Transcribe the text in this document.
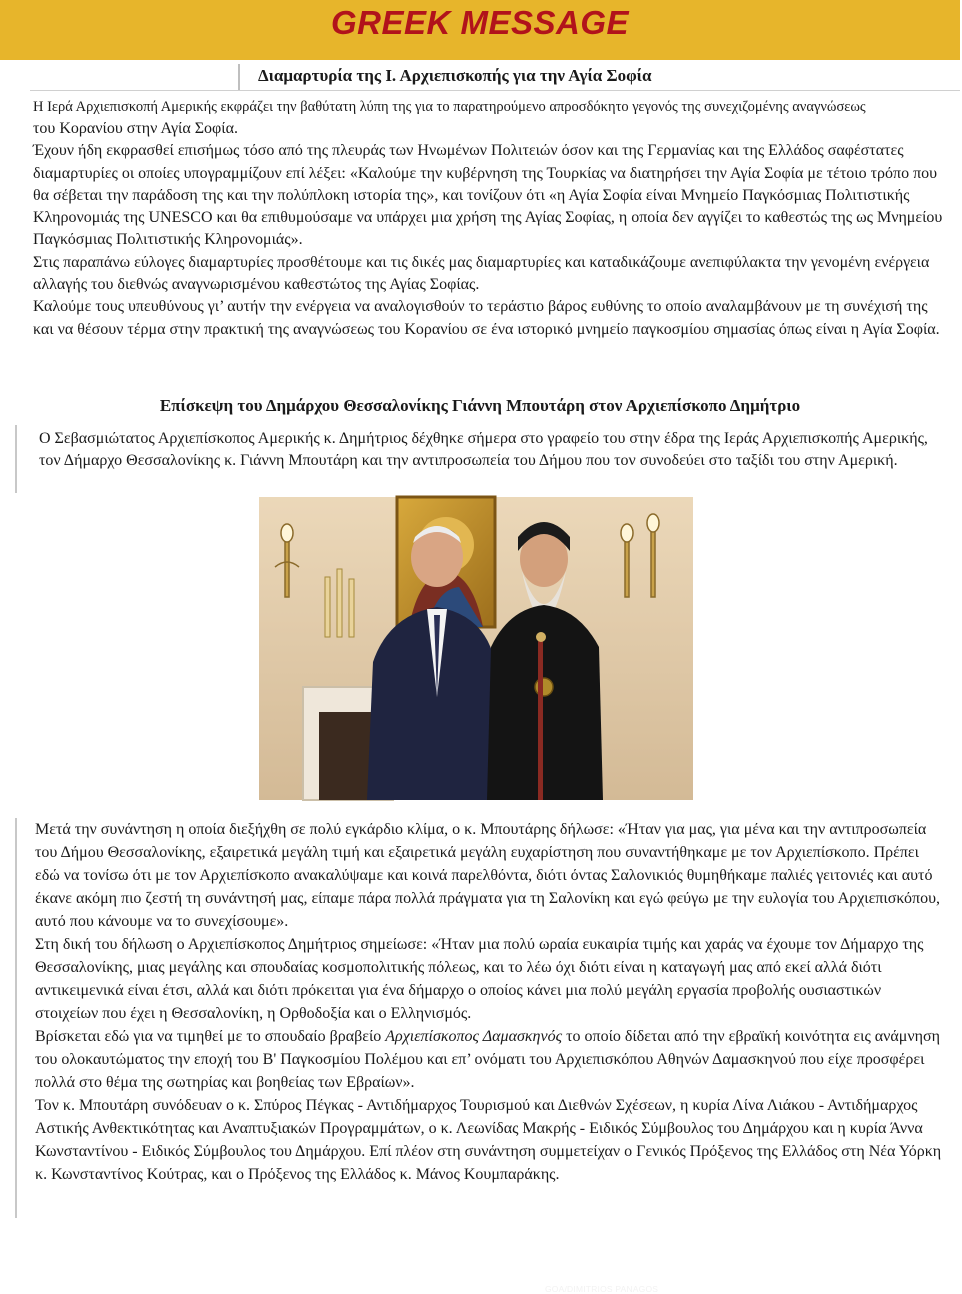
GREEK MESSAGE
Διαμαρτυρία της Ι. Αρχιεπισκοπής για την Αγία Σοφία
Η Ιερά Αρχιεπισκοπή Αμερικής εκφράζει την βαθύτατη λύπη της για το παρατηρούμενο απροσδόκητο γεγονός της συνεχιζομένης αναγνώσεως

του Κορανίου στην Αγία Σοφία.

Έχουν ήδη εκφρασθεί επισήμως τόσο από της πλευράς των Ηνωμένων Πολιτειών όσον και της Γερμανίας και της Ελλάδος σαφέστατες διαμαρτυρίες οι οποίες υπογραμμίζουν επί λέξει: «Καλούμε την κυβέρνηση της Τουρκίας να διατηρήσει την Αγία Σοφία με τέτοιο τρόπο που θα σέβεται την παράδοση της και την πολύπλοκη ιστορία της», και τονίζουν ότι «η Αγία Σοφία είναι Μνημείο Παγκόσμιας Πολιτιστικής Κληρονομιάς της UNESCO και θα επιθυμούσαμε να υπάρχει μια χρήση της Αγίας Σοφίας, η οποία δεν αγγίζει το καθεστώς της ως Μνημείου Παγκόσμιας Πολιτιστικής Κληρονομιάς».

Στις παραπάνω εύλογες διαμαρτυρίες προσθέτουμε και τις δικές μας διαμαρτυρίες και καταδικάζουμε ανεπιφύλακτα την γενομένη ενέργεια αλλαγής του διεθνώς αναγνωρισμένου καθεστώτος της Αγίας Σοφίας.

Καλούμε τους υπευθύνους γι’ αυτήν την ενέργεια να αναλογισθούν το τεράστιο βάρος ευθύνης το οποίο αναλαμβάνουν με τη συνέχισή της και να θέσουν τέρμα στην πρακτική της αναγνώσεως του Κορανίου σε ένα ιστορικό μνημείο παγκοσμίου σημασίας όπως είναι η Αγία Σοφία.

Επίσκεψη του Δημάρχου Θεσσαλονίκης Γιάννη Μπουτάρη στον Αρχιεπίσκοπο Δημήτριο

Ο Σεβασμιώτατος Αρχιεπίσκοπος Αμερικής κ. Δημήτριος δέχθηκε σήμερα στο γραφείο του στην έδρα της Ιεράς Αρχιεπισκοπής Αμερικής, τον Δήμαρχο Θεσσαλονίκης κ. Γιάννη Μπουτάρη και την αντιπροσωπεία του Δήμου που τον συνοδεύει στο ταξίδι του στην Αμερική.

GOA/DIMITRIOS PANAGOS

Μετά την συνάντηση η οποία διεξήχθη σε πολύ εγκάρδιο κλίμα, ο κ. Μπουτάρης δήλωσε: «Ήταν για μας, για μένα και την αντιπροσωπεία του Δήμου Θεσσαλονίκης, εξαιρετικά μεγάλη τιμή και εξαιρετικά μεγάλη ευχαρίστηση που συναντήθηκαμε με τον Αρχιεπίσκοπο. Πρέπει εδώ να τονίσω ότι με τον Αρχιεπίσκοπο ανακαλύψαμε και κοινά παρελθόντα, διότι όντας Σαλονικιός θυμηθήκαμε παλιές γειτονιές και αυτό έκανε ακόμη πιο ζεστή τη συνάντησή μας, είπαμε πάρα πολλά πράγματα για τη Σαλονίκη και εγώ φεύγω με την ευλογία του Αρχιεπισκόπου, αυτό που κάνουμε να το συνεχίσουμε».

Στη δική του δήλωση ο Αρχιεπίσκοπος Δημήτριος σημείωσε: «Ήταν μια πολύ ωραία ευκαιρία τιμής και χαράς να έχουμε τον Δήμαρχο της Θεσσαλονίκης, μιας μεγάλης και σπουδαίας κοσμοπολιτικής πόλεως, και το λέω όχι διότι είναι η καταγωγή μας από εκεί αλλά διότι αντικειμενικά είναι έτσι, αλλά και διότι πρόκειται για ένα δήμαρχο ο οποίος κάνει μια πολύ μεγάλη εργασία προβολής ουσιαστικών στοιχείων που έχει η Θεσσαλονίκη, η Ορθοδοξία και ο Ελληνισμός.

Βρίσκεται εδώ για να τιμηθεί με το σπουδαίο βραβείο Αρχιεπίσκοπος Δαμασκηνός το οποίο δίδεται από την εβραϊκή κοινότητα εις ανάμνηση του ολοκαυτώματος την εποχή του Β' Παγκοσμίου Πολέμου και επ’ ονόματι του Αρχιεπισκόπου Αθηνών Δαμασκηνού που είχε προσφέρει πολλά στο θέμα της σωτηρίας και βοηθείας των Εβραίων».

Τον κ. Μπουτάρη συνόδευαν ο κ. Σπύρος Πέγκας - Αντιδήμαρχος Τουρισμού και Διεθνών Σχέσεων, η κυρία Λίνα Λιάκου - Αντιδήμαρχος Αστικής Ανθεκτικότητας και Αναπτυξιακών Προγραμμάτων, ο κ. Λεωνίδας Μακρής - Ειδικός Σύμβουλος του Δημάρχου και η κυρία Άννα Κωνσταντίνου - Ειδικός Σύμβουλος του Δημάρχου. Επί πλέον στη συνάντηση συμμετείχαν ο Γενικός Πρόξενος της Ελλάδος στη Νέα Υόρκη κ. Κωνσταντίνος Κούτρας, και ο Πρόξενος της Ελλάδος κ. Μάνος Κουμπαράκης.
